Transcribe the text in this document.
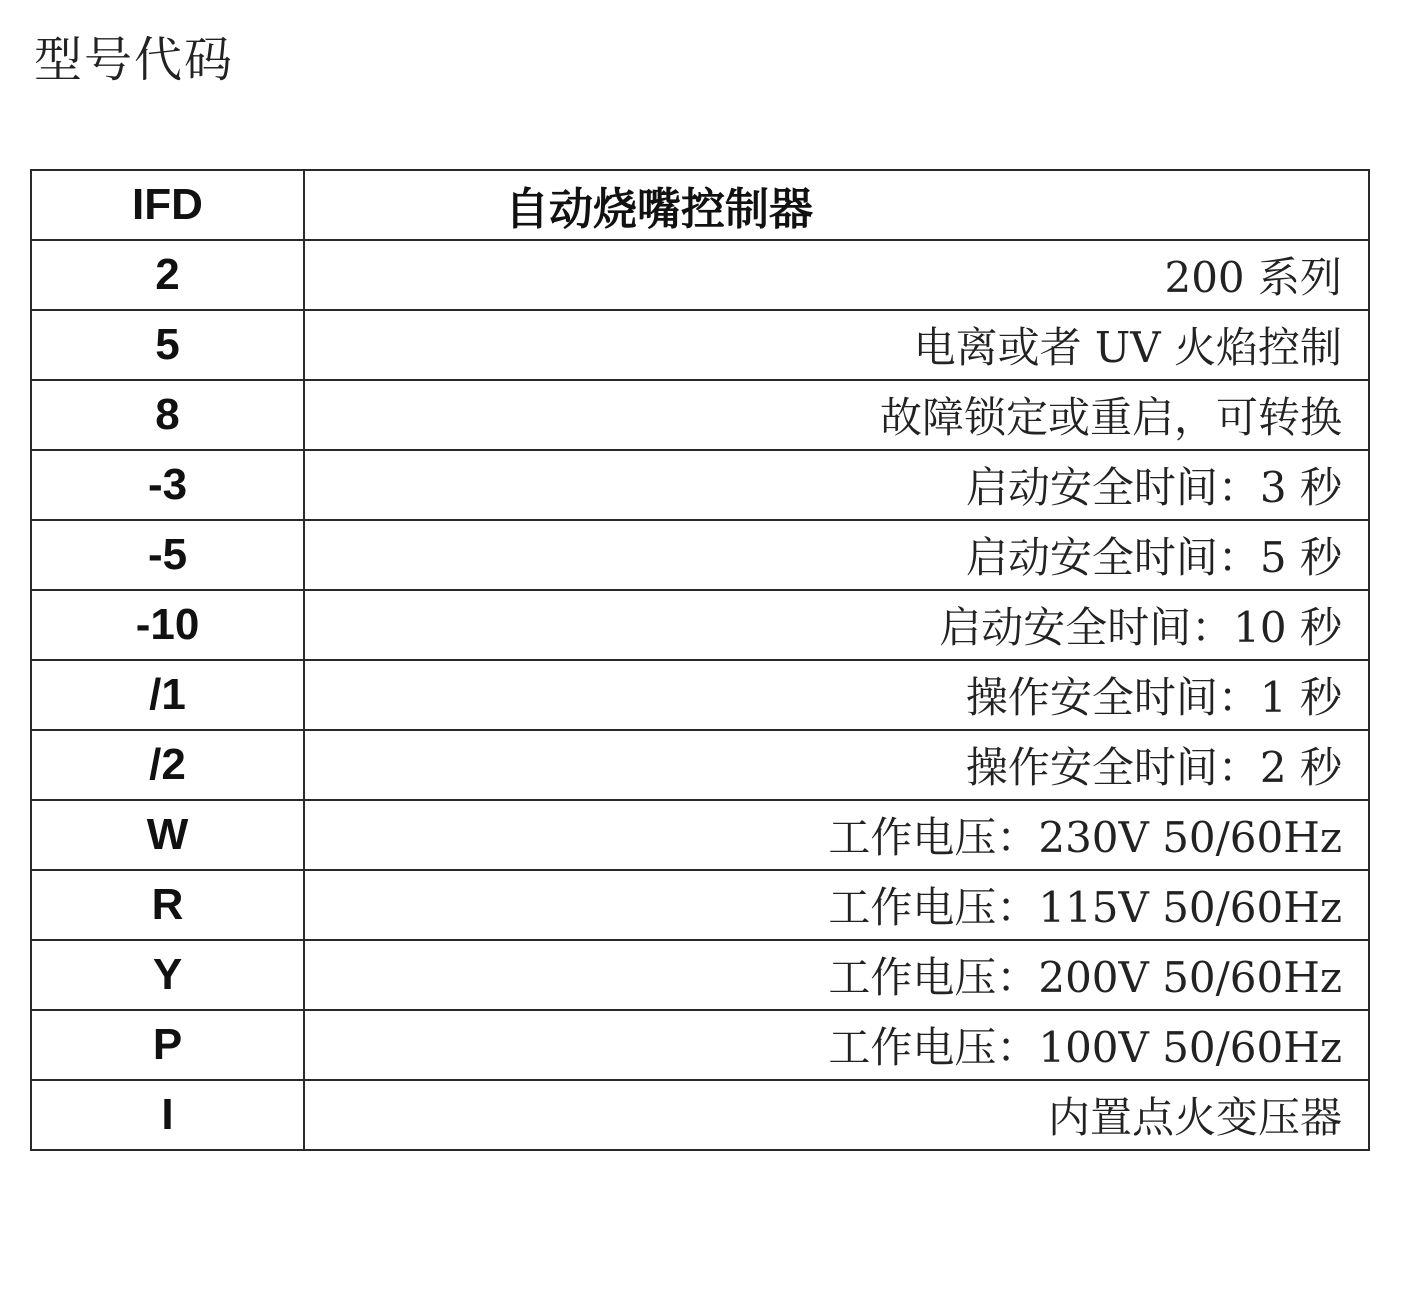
型号代码
IFD	自动烧嘴控制器
2	200 系列
5	电离或者 UV 火焰控制
8	故障锁定或重启，可转换
-3	启动安全时间：3 秒
-5	启动安全时间：5 秒
-10	启动安全时间：10 秒
/1	操作安全时间：1 秒
/2	操作安全时间：2 秒
W	工作电压：230V 50/60Hz
R	工作电压：115V 50/60Hz
Y	工作电压：200V 50/60Hz
P	工作电压：100V 50/60Hz
I	内置点火变压器
